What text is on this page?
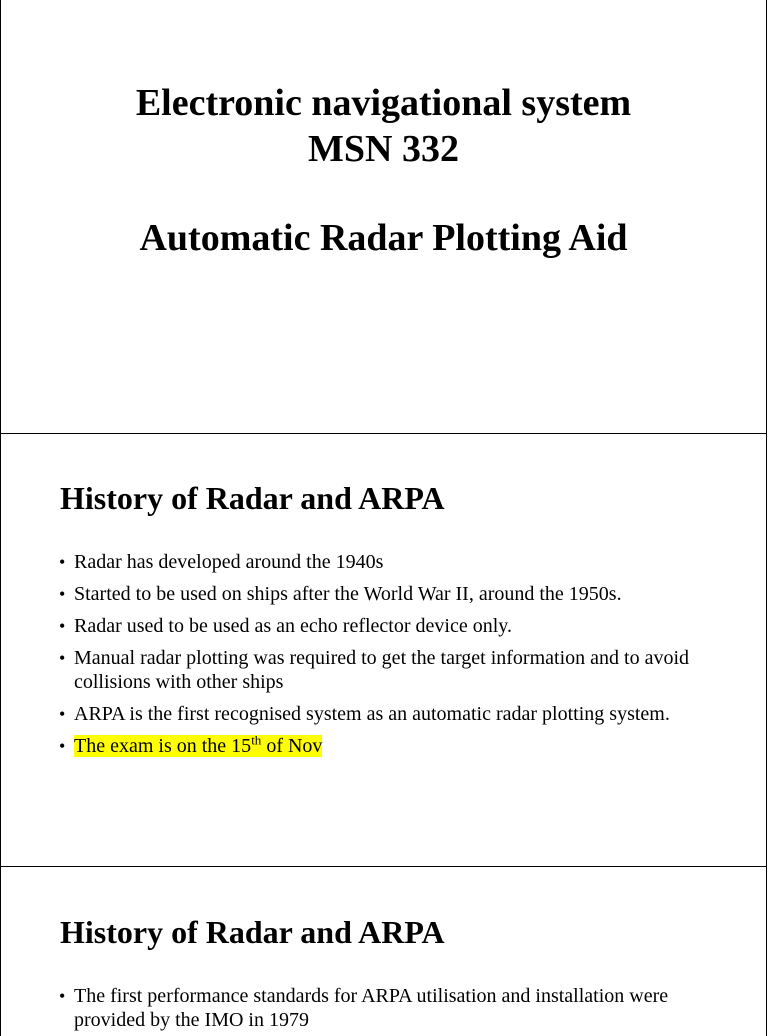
Electronic navigational system
MSN 332
Automatic Radar Plotting Aid
History of Radar and ARPA
• Radar has developed around the 1940s
• Started to be used on ships after the World War II, around the 1950s.
• Radar used to be used as an echo reflector device only.
• Manual radar plotting was required to get the target information and to avoid collisions with other ships
• ARPA is the first recognised system as an automatic radar plotting system.
• The exam is on the 15th of Nov
History of Radar and ARPA
• The first performance standards for ARPA utilisation and installation were provided by the IMO in 1979
